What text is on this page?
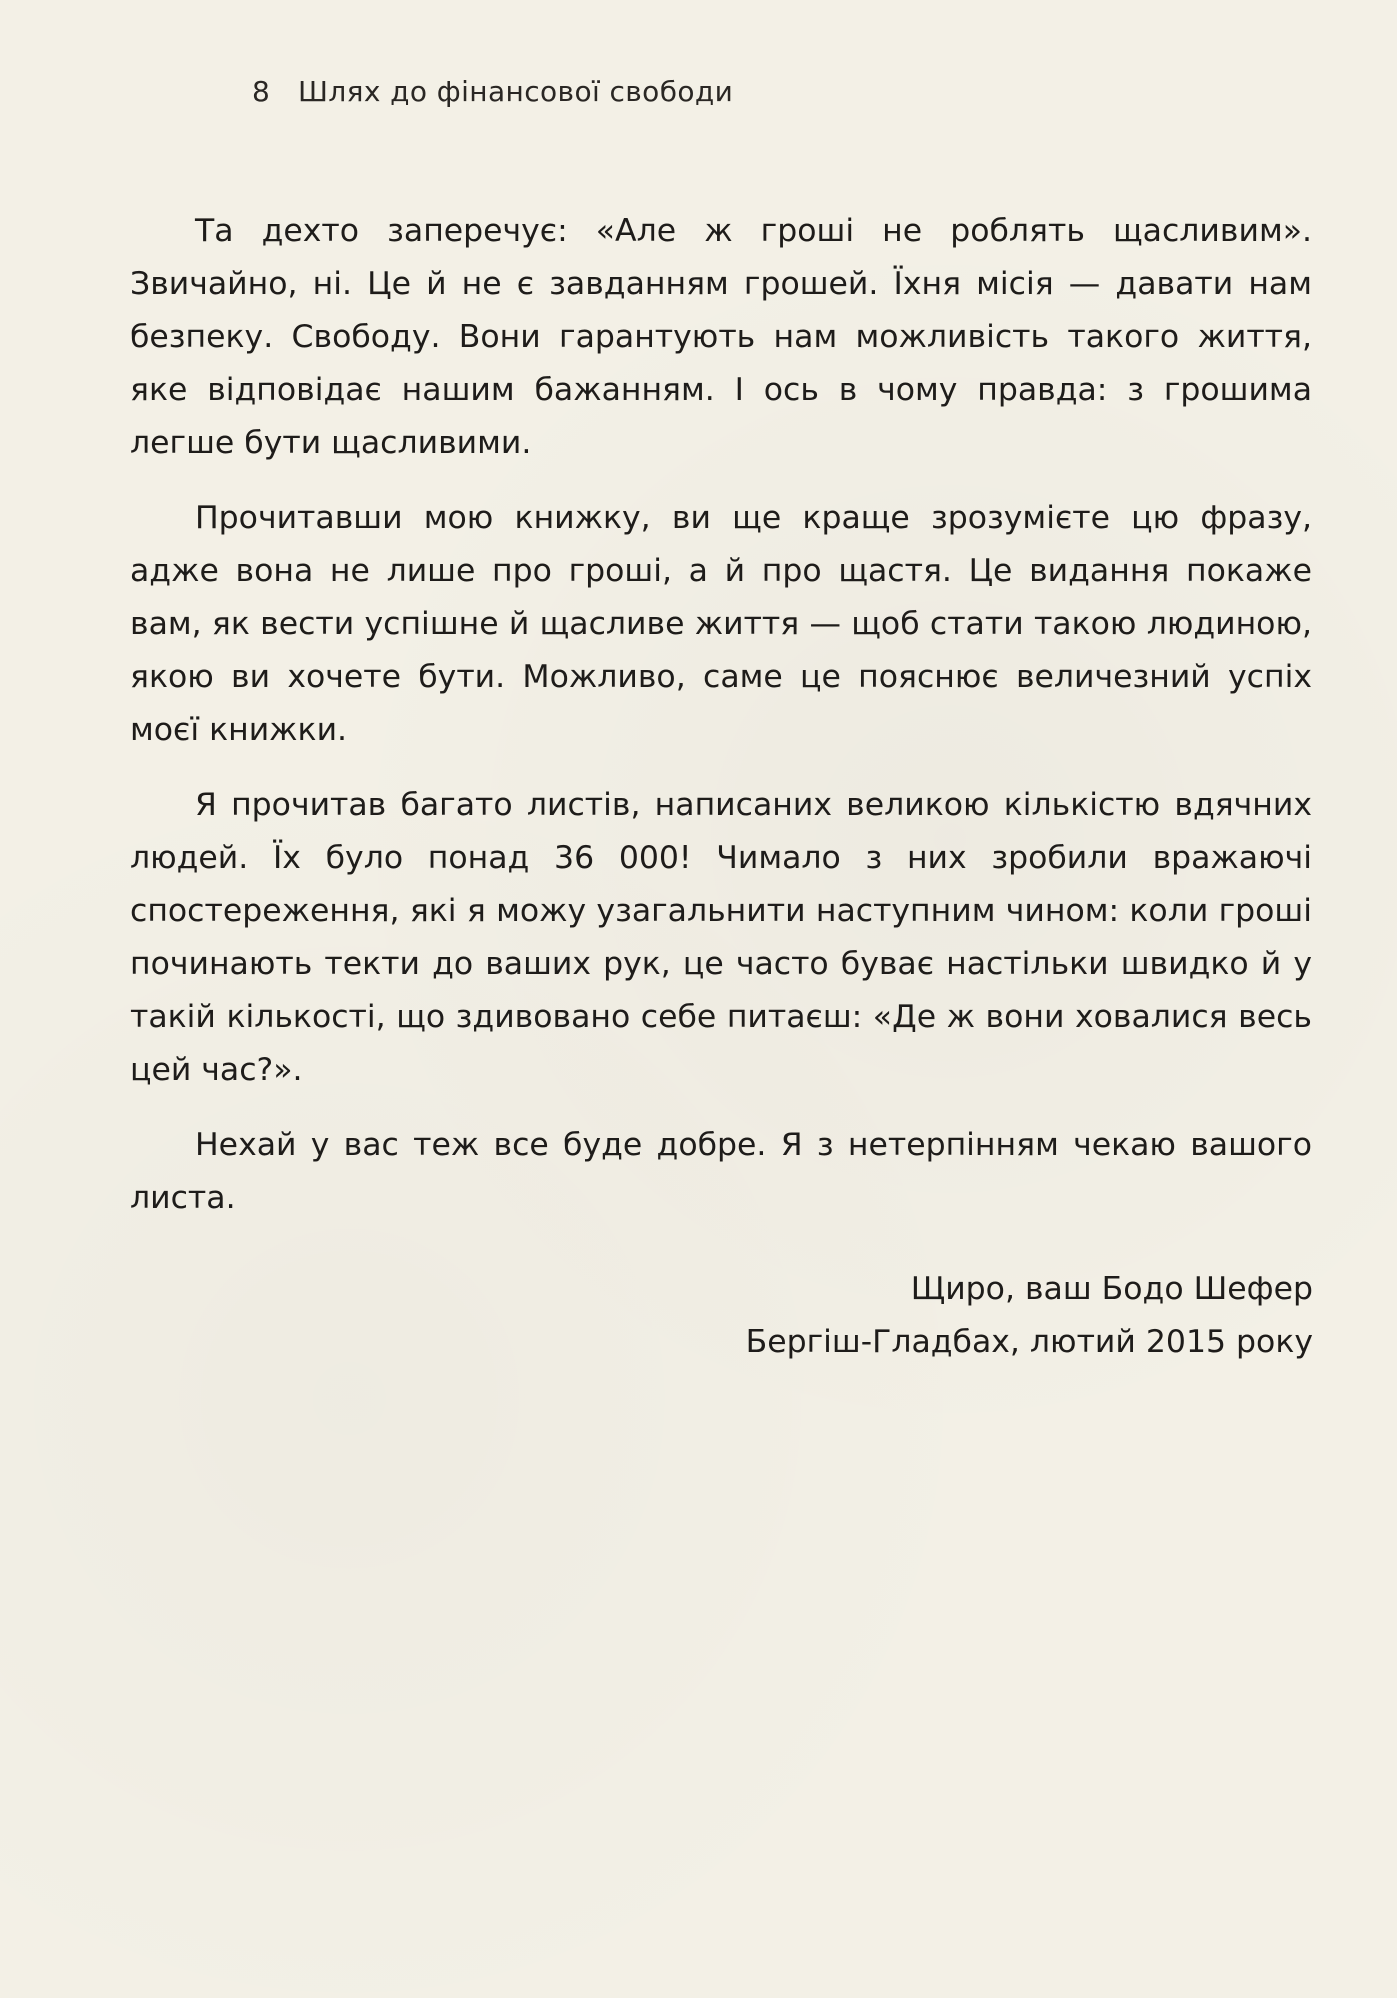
8 Шлях до фінансової свободи

Та дехто заперечує: «Але ж гроші не роблять щасливим». Звичайно, ні. Це й не є завданням грошей. Їхня місія — давати нам безпеку. Свободу. Вони гарантують нам можливість такого життя, яке відповідає нашим бажанням. І ось в чому правда: з грошима легше бути щасливими.

Прочитавши мою книжку, ви ще краще зрозумієте цю фразу, адже вона не лише про гроші, а й про щастя. Це видання покаже вам, як вести успішне й щасливе життя — щоб стати такою людиною, якою ви хочете бути. Можливо, саме це пояснює величезний успіх моєї книжки.

Я прочитав багато листів, написаних великою кількістю вдячних людей. Їх було понад 36 000! Чимало з них зробили вражаючі спостереження, які я можу узагальнити наступним чином: коли гроші починають текти до ваших рук, це часто буває настільки швидко й у такій кількості, що здивовано себе питаєш: «Де ж вони ховалися весь цей час?».

Нехай у вас теж все буде добре. Я з нетерпінням чекаю вашого листа.

Щиро, ваш Бодо Шефер

Бергіш-Гладбах, лютий 2015 року
